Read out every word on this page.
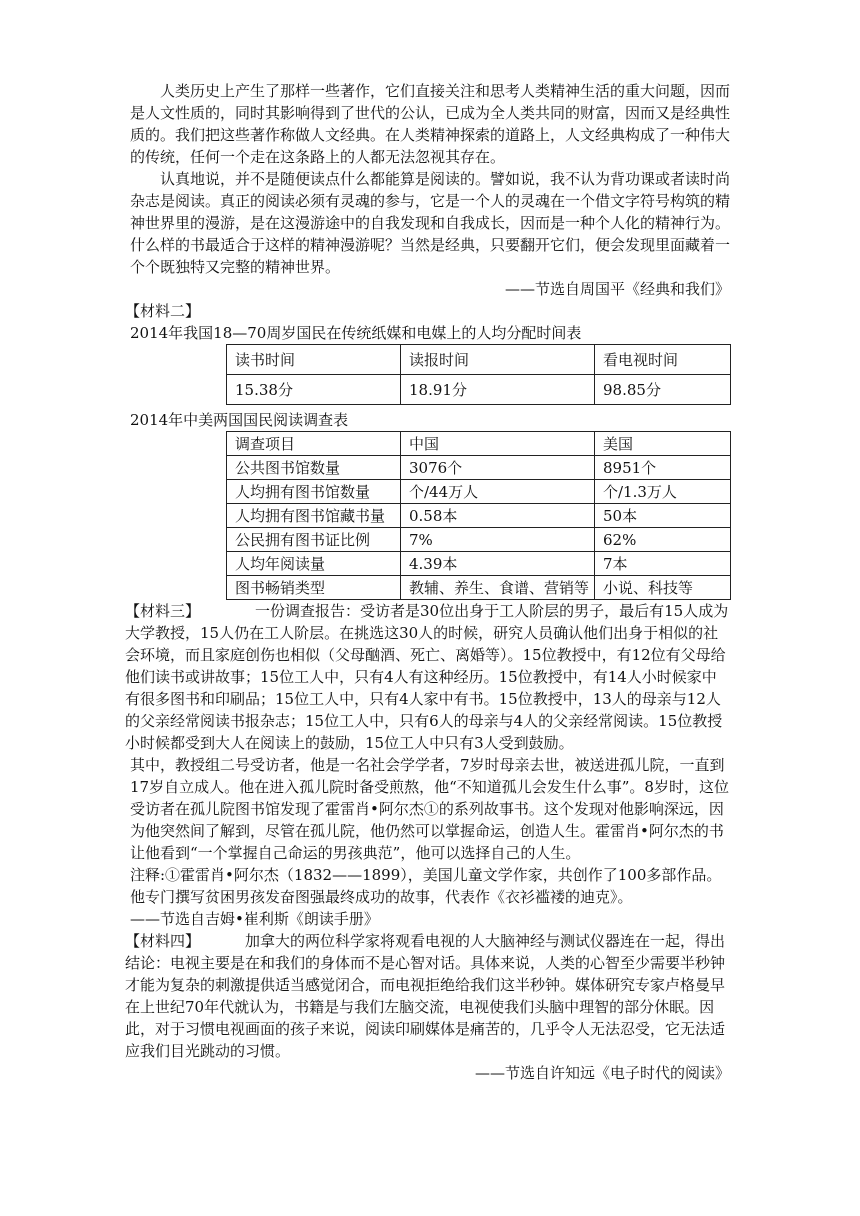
人类历史上产生了那样一些著作，它们直接关注和思考人类精神生活的重大问题，因而是人文性质的，同时其影响得到了世代的公认，已成为全人类共同的财富，因而又是经典性质的。我们把这些著作称做人文经典。在人类精神探索的道路上，人文经典构成了一种伟大的传统，任何一个走在这条路上的人都无法忽视其存在。

认真地说，并不是随便读点什么都能算是阅读的。譬如说，我不认为背功课或者读时尚杂志是阅读。真正的阅读必须有灵魂的参与，它是一个人的灵魂在一个借文字符号构筑的精神世界里的漫游，是在这漫游途中的自我发现和自我成长，因而是一种个人化的精神行为。什么样的书最适合于这样的精神漫游呢？当然是经典，只要翻开它们，便会发现里面藏着一个个既独特又完整的精神世界。

——节选自周国平《经典和我们》

【材料二】

2014年我国18—70周岁国民在传统纸媒和电媒上的人均分配时间表

读书时间	读报时间	看电视时间
15.38分	18.91分	98.85分

2014年中美两国国民阅读调查表

调查项目	中国	美国
公共图书馆数量	3076个	8951个
人均拥有图书馆数量	个/44万人	个/1.3万人
人均拥有图书馆藏书量	0.58本	50本
公民拥有图书证比例	7%	62%
人均年阅读量	4.39本	7本
图书畅销类型	教辅、养生、食谱、营销等	小说、科技等

【材料三】	一份调查报告：受访者是30位出身于工人阶层的男子，最后有15人成为大学教授，15人仍在工人阶层。在挑选这30人的时候，研究人员确认他们出身于相似的社会环境，而且家庭创伤也相似（父母酗酒、死亡、离婚等）。15位教授中，有12位有父母给他们读书或讲故事；15位工人中，只有4人有这种经历。15位教授中，有14人小时候家中有很多图书和印刷品；15位工人中，只有4人家中有书。15位教授中，13人的母亲与12人的父亲经常阅读书报杂志；15位工人中，只有6人的母亲与4人的父亲经常阅读。15位教授小时候都受到大人在阅读上的鼓励，15位工人中只有3人受到鼓励。

其中，教授组二号受访者，他是一名社会学学者，7岁时母亲去世，被送进孤儿院，一直到17岁自立成人。他在进入孤儿院时备受煎熬，他“不知道孤儿会发生什么事”。8岁时，这位受访者在孤儿院图书馆发现了霍雷肖•阿尔杰①的系列故事书。这个发现对他影响深远，因为他突然间了解到，尽管在孤儿院，他仍然可以掌握命运，创造人生。霍雷肖•阿尔杰的书让他看到“一个掌握自己命运的男孩典范”，他可以选择自己的人生。

注释:①霍雷肖•阿尔杰（1832——1899），美国儿童文学作家，共创作了100多部作品。他专门撰写贫困男孩发奋图强最终成功的故事，代表作《衣衫褴褛的迪克》。

——节选自吉姆•崔利斯《朗读手册》

【材料四】	加拿大的两位科学家将观看电视的人大脑神经与测试仪器连在一起，得出结论：电视主要是在和我们的身体而不是心智对话。具体来说，人类的心智至少需要半秒钟才能为复杂的刺激提供适当感觉闭合，而电视拒绝给我们这半秒钟。媒体研究专家卢格曼早在上世纪70年代就认为，书籍是与我们左脑交流，电视使我们头脑中理智的部分休眠。因此，对于习惯电视画面的孩子来说，阅读印刷媒体是痛苦的，几乎令人无法忍受，它无法适应我们目光跳动的习惯。

——节选自许知远《电子时代的阅读》
